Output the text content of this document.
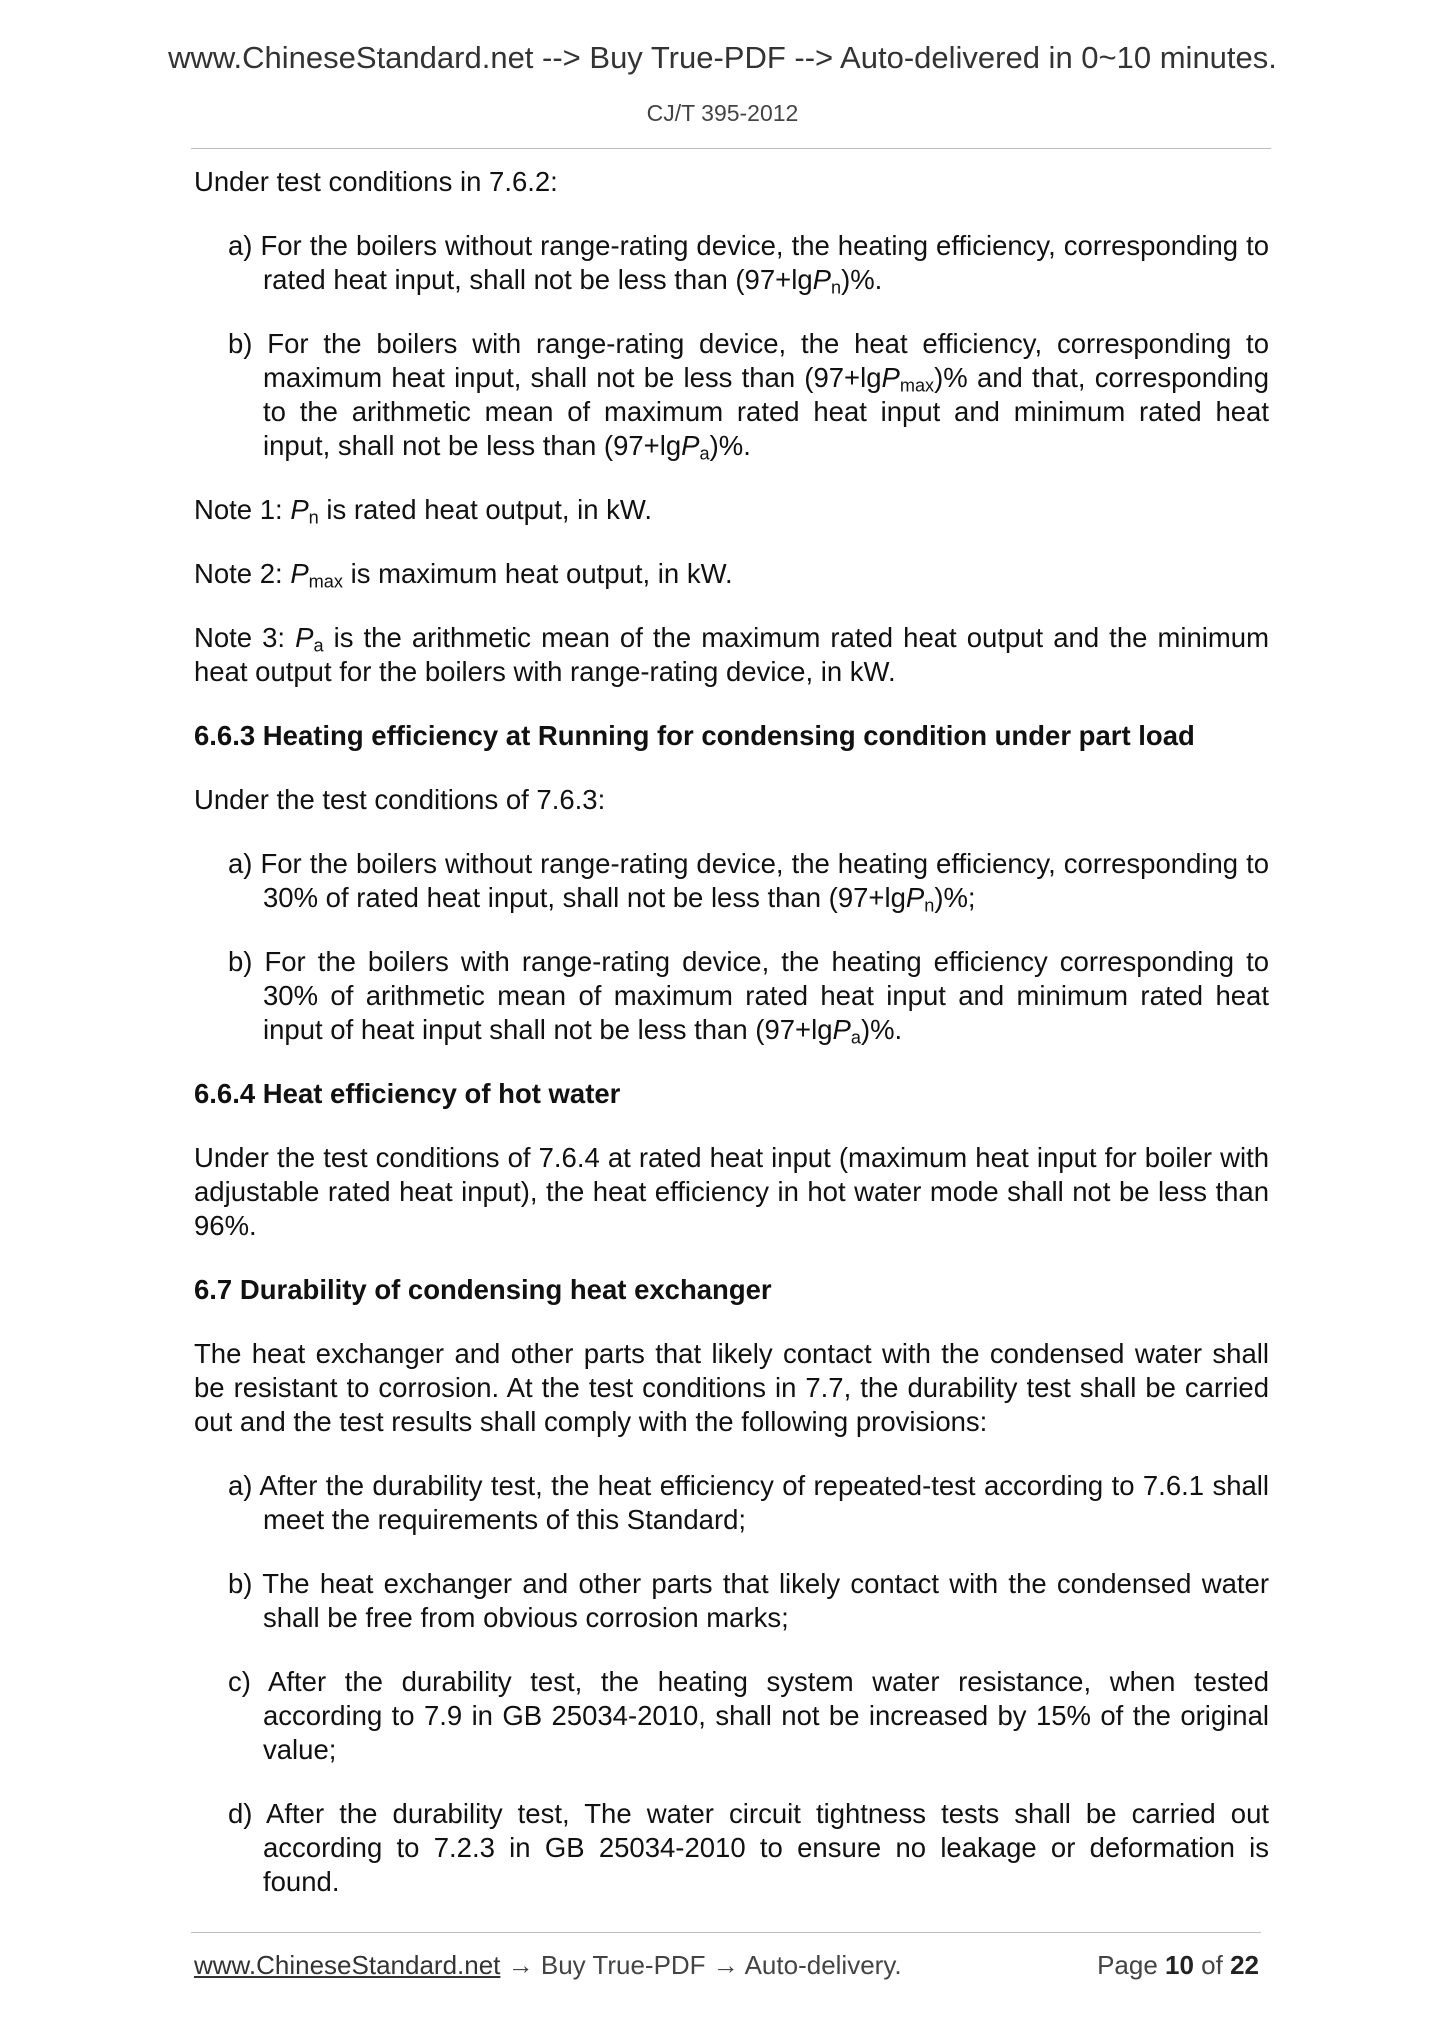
www.ChineseStandard.net --> Buy True-PDF --> Auto-delivered in 0~10 minutes.
CJ/T 395-2012

Under test conditions in 7.6.2:

a) For the boilers without range-rating device, the heating efficiency, corresponding to rated heat input, shall not be less than (97+lgP$_n$)%.
b) For the boilers with range-rating device, the heat efficiency, corresponding to maximum heat input, shall not be less than (97+lgP$_{max}$)% and that, corresponding to the arithmetic mean of maximum rated heat input and minimum rated heat input, shall not be less than (97+lgP$_a$)%.

Note 1: $P_n$ is rated heat output, in kW.

Note 2: $P_{max}$ is maximum heat output, in kW.

Note 3: $P_a$ is the arithmetic mean of the maximum rated heat output and the minimum heat output for the boilers with range-rating device, in kW.

6.6.3 Heating efficiency at Running for condensing condition under part load

Under the test conditions of 7.6.3:

a) For the boilers without range-rating device, the heating efficiency, corresponding to 30% of rated heat input, shall not be less than (97+lgP$_n$)%;
b) For the boilers with range-rating device, the heating efficiency corresponding to 30% of arithmetic mean of maximum rated heat input and minimum rated heat input of heat input shall not be less than (97+lgP$_a$)%.
6.6.4 Heat efficiency of hot water

Under the test conditions of 7.6.4 at rated heat input (maximum heat input for boiler with adjustable rated heat input), the heat efficiency in hot water mode shall not be less than 96%.

6.7 Durability of condensing heat exchanger

The heat exchanger and other parts that likely contact with the condensed water shall be resistant to corrosion. At the test conditions in 7.7, the durability test shall be carried out and the test results shall comply with the following provisions:

a) After the durability test, the heat efficiency of repeated-test according to 7.6.1 shall meet the requirements of this Standard;
b) The heat exchanger and other parts that likely contact with the condensed water shall be free from obvious corrosion marks;
c) After the durability test, the heating system water resistance, when tested according to 7.9 in GB 25034-2010, shall not be increased by 15% of the original value;
d) After the durability test, The water circuit tightness tests shall be carried out according to 7.2.3 in GB 25034-2010 to ensure no leakage or deformation is found.
www.ChineseStandard.net → Buy True-PDF → Auto-delivery.	Page 10 of 22
